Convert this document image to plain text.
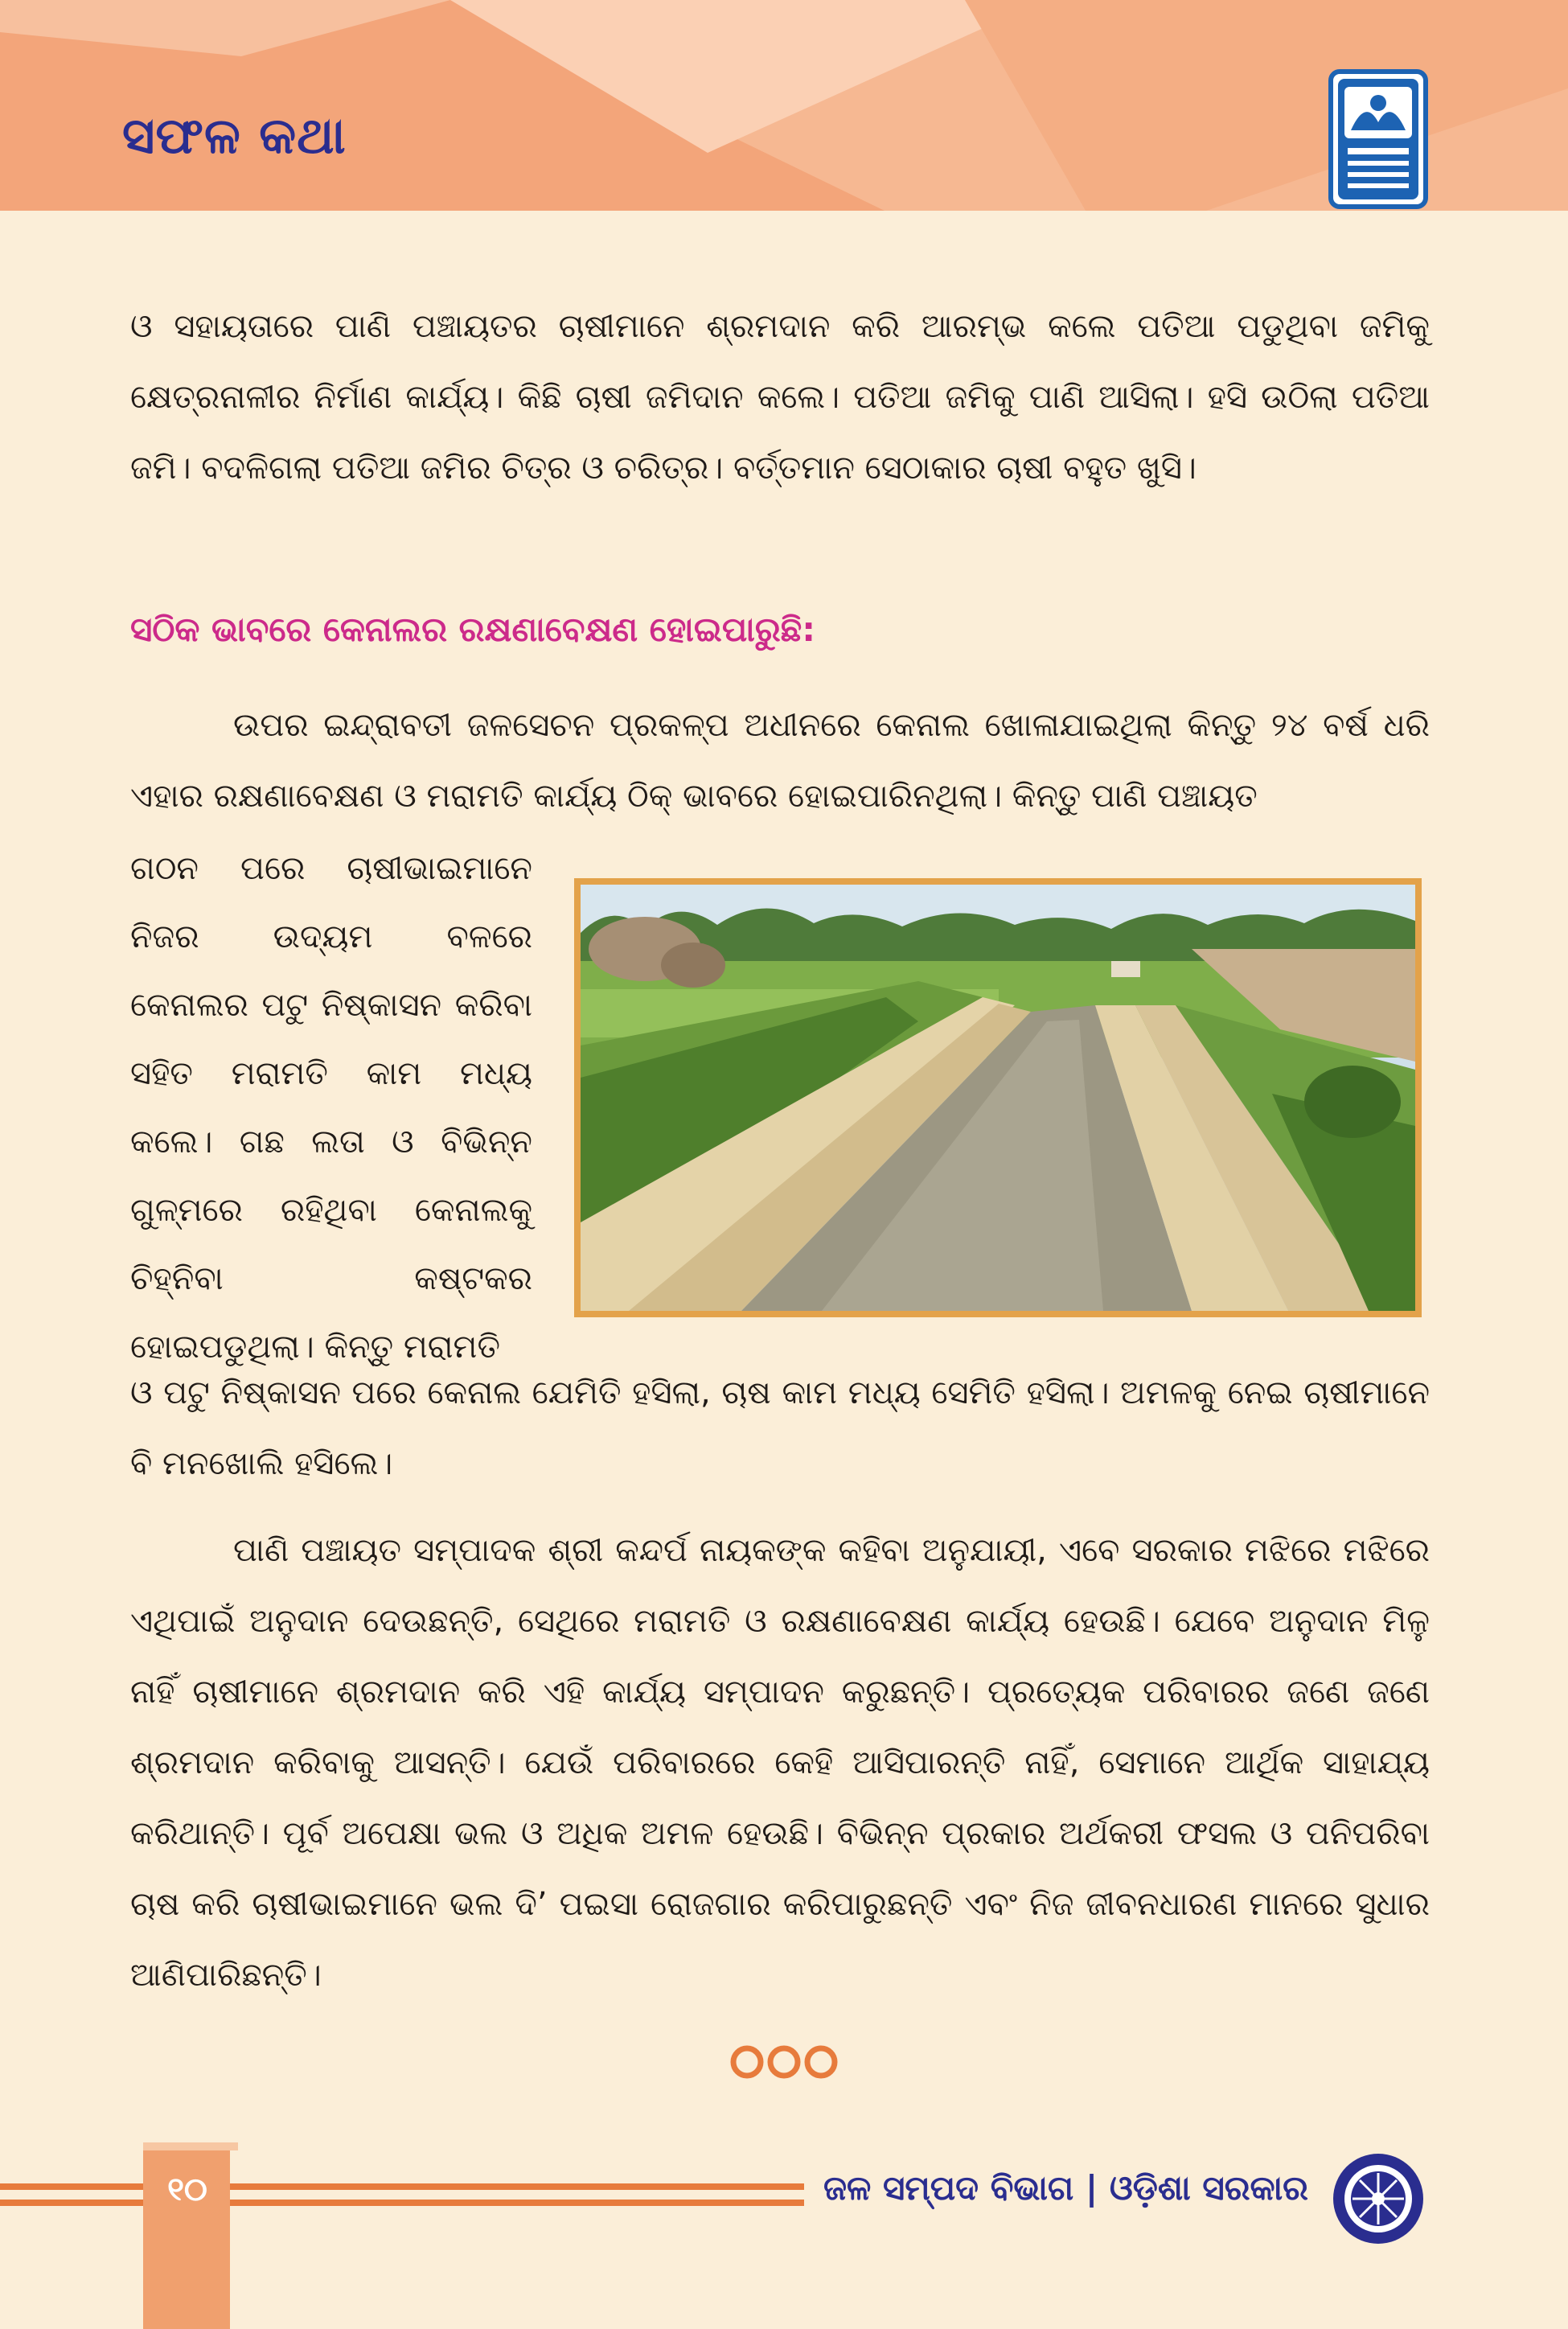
ସଫଳ କଥା

ଓ ସହାୟତାରେ ପାଣି ପଞ୍ଚାୟତର ଚାଷୀମାନେ ଶ୍ରମଦାନ କରି ଆରମ୍ଭ କଲେ ପତିଆ ପଡୁଥିବା ଜମିକୁ କ୍ଷେତ୍ରନାଳୀର ନିର୍ମାଣ କାର୍ଯ୍ୟ। କିଛି ଚାଷୀ ଜମିଦାନ କଲେ। ପତିଆ ଜମିକୁ ପାଣି ଆସିଲା। ହସି ଉଠିଲା ପତିଆ ଜମି। ବଦଳିଗଲା ପତିଆ ଜମିର ଚିତ୍ର ଓ ଚରିତ୍ର। ବର୍ତ୍ତମାନ ସେଠାକାର ଚାଷୀ ବହୁତ ଖୁସି।

ସଠିକ ଭାବରେ କେନାଲର ରକ୍ଷଣାବେକ୍ଷଣ ହୋଇପାରୁଛି:

ଉପର ଇନ୍ଦ୍ରାବତୀ ଜଳସେଚନ ପ୍ରକଳ୍ପ ଅଧୀନରେ କେନାଲ ଖୋଳାଯାଇଥିଲା କିନ୍ତୁ ୨୪ ବର୍ଷ ଧରି ଏହାର ରକ୍ଷଣାବେକ୍ଷଣ ଓ ମରାମତି କାର୍ଯ୍ୟ ଠିକ୍ ଭାବରେ ହୋଇପାରିନଥିଲା। କିନ୍ତୁ ପାଣି ପଞ୍ଚାୟତ

ଗଠନ ପରେ ଚାଷୀଭାଇମାନେ ନିଜର ଉଦ୍ୟମ ବଳରେ କେନାଲର ପଟୁ ନିଷ୍କାସନ କରିବା ସହିତ ମରାମତି କାମ ମଧ୍ୟ କଲେ। ଗଛ ଲତା ଓ ବିଭିନ୍ନ ଗୁଳ୍ମରେ ରହିଥିବା କେନାଲକୁ ଚିହ୍ନିବା କଷ୍ଟକର ହୋଇପଡୁଥିଲା। କିନ୍ତୁ ମରାମତି

ଓ ପଟୁ ନିଷ୍କାସନ ପରେ କେନାଲ ଯେମିତି ହସିଲା, ଚାଷ କାମ ମଧ୍ୟ ସେମିତି ହସିଲା। ଅମଳକୁ ନେଇ ଚାଷୀମାନେ ବି ମନଖୋଲି ହସିଲେ।

ପାଣି ପଞ୍ଚାୟତ ସମ୍ପାଦକ ଶ୍ରୀ କନ୍ଦର୍ପ ନାୟକଙ୍କ କହିବା ଅନୁଯାୟୀ, ଏବେ ସରକାର ମଝିରେ ମଝିରେ ଏଥିପାଇଁ ଅନୁଦାନ ଦେଉଛନ୍ତି, ସେଥିରେ ମରାମତି ଓ ରକ୍ଷଣାବେକ୍ଷଣ କାର୍ଯ୍ୟ ହେଉଛି। ଯେବେ ଅନୁଦାନ ମିଳୁ ନାହିଁ ଚାଷୀମାନେ ଶ୍ରମଦାନ କରି ଏହି କାର୍ଯ୍ୟ ସମ୍ପାଦନ କରୁଛନ୍ତି। ପ୍ରତ୍ୟେକ ପରିବାରର ଜଣେ ଜଣେ ଶ୍ରମଦାନ କରିବାକୁ ଆସନ୍ତି। ଯେଉଁ ପରିବାରରେ କେହି ଆସିପାରନ୍ତି ନାହିଁ, ସେମାନେ ଆର୍ଥିକ ସାହାଯ୍ୟ କରିଥାନ୍ତି। ପୂର୍ବ ଅପେକ୍ଷା ଭଲ ଓ ଅଧିକ ଅମଳ ହେଉଛି। ବିଭିନ୍ନ ପ୍ରକାର ଅର୍ଥକରୀ ଫସଲ ଓ ପନିପରିବା ଚାଷ କରି ଚାଷୀଭାଇମାନେ ଭଲ ଦି’ ପଇସା ରୋଜଗାର କରିପାରୁଛନ୍ତି ଏବଂ ନିଜ ଜୀବନଧାରଣ ମାନରେ ସୁଧାର ଆଣିପାରିଛନ୍ତି।

୧୦	ଜଳ ସମ୍ପଦ ବିଭାଗ | ଓଡ଼ିଶା ସରକାର
